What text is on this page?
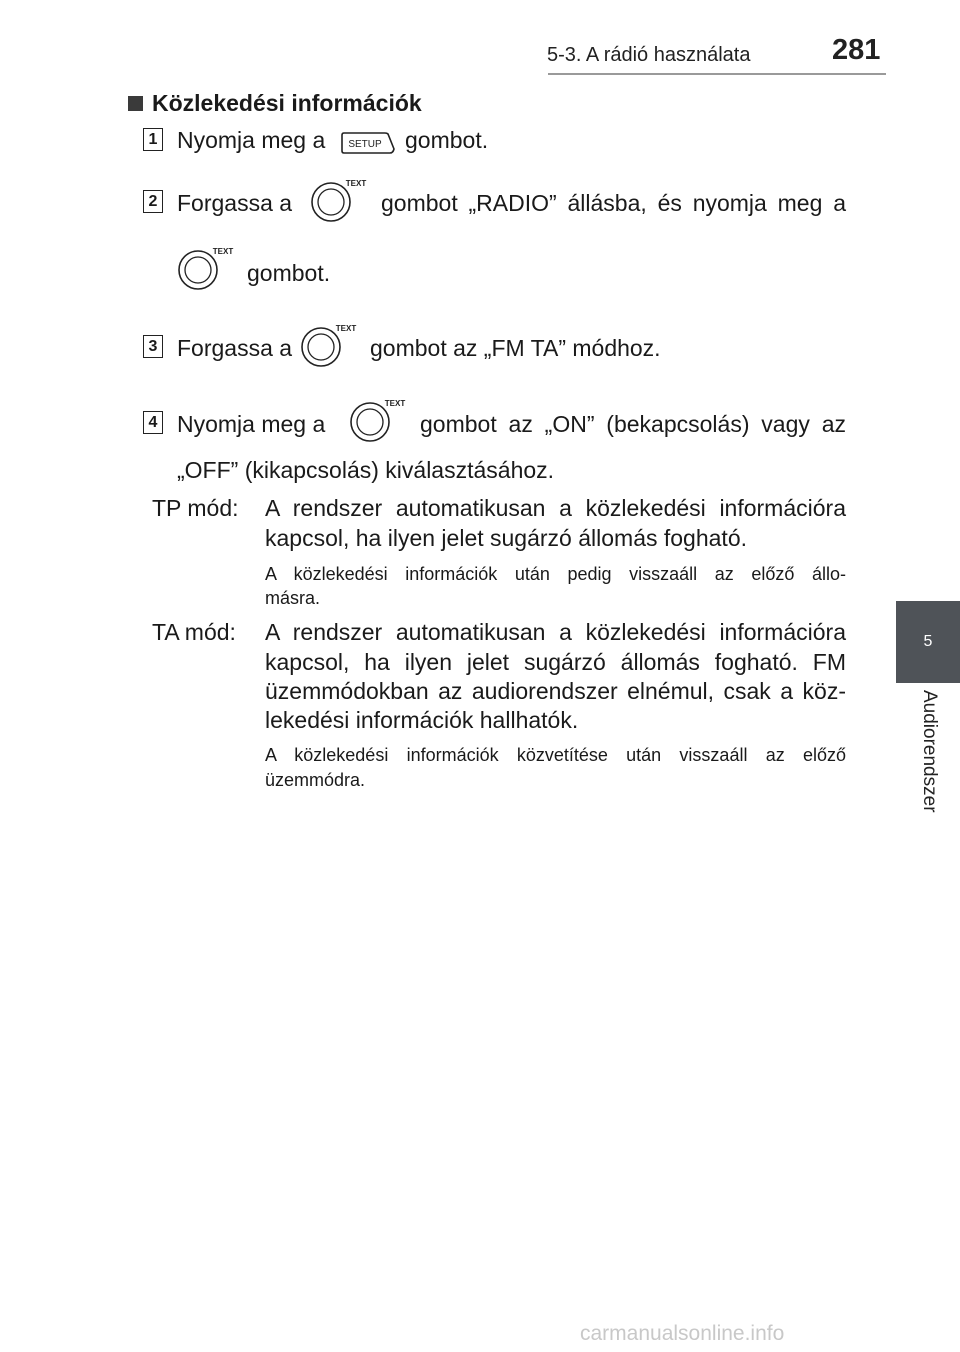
5-3. A rádió használata	281
Közlekedési információk
1 Nyomja meg a SETUP gombot.
2 Forgassa a
TEXT
gombot „RADIO” állásba, és nyomja meg a
TEXT
gombot.
3 Forgassa a
TEXT
gombot az „FM TA” módhoz.
4 Nyomja meg a
TEXT
gombot az „ON” (bekapcsolás) vagy az
„OFF” (kikapcsolás) kiválasztásához.
TP mód: A rendszer automatikusan a közlekedési információra
kapcsol, ha ilyen jelet sugárzó állomás fogható.
A közlekedési információk után pedig visszaáll az előző állo-
másra.
TA mód: A rendszer automatikusan a közlekedési információra
kapcsol, ha ilyen jelet sugárzó állomás fogható. FM
üzemmódokban az audiorendszer elnémul, csak a köz-
lekedési információk hallhatók.
A közlekedési információk közvetítése után visszaáll az előző
üzemmódra.
5
Audiorendszer
carmanualsonline.info
